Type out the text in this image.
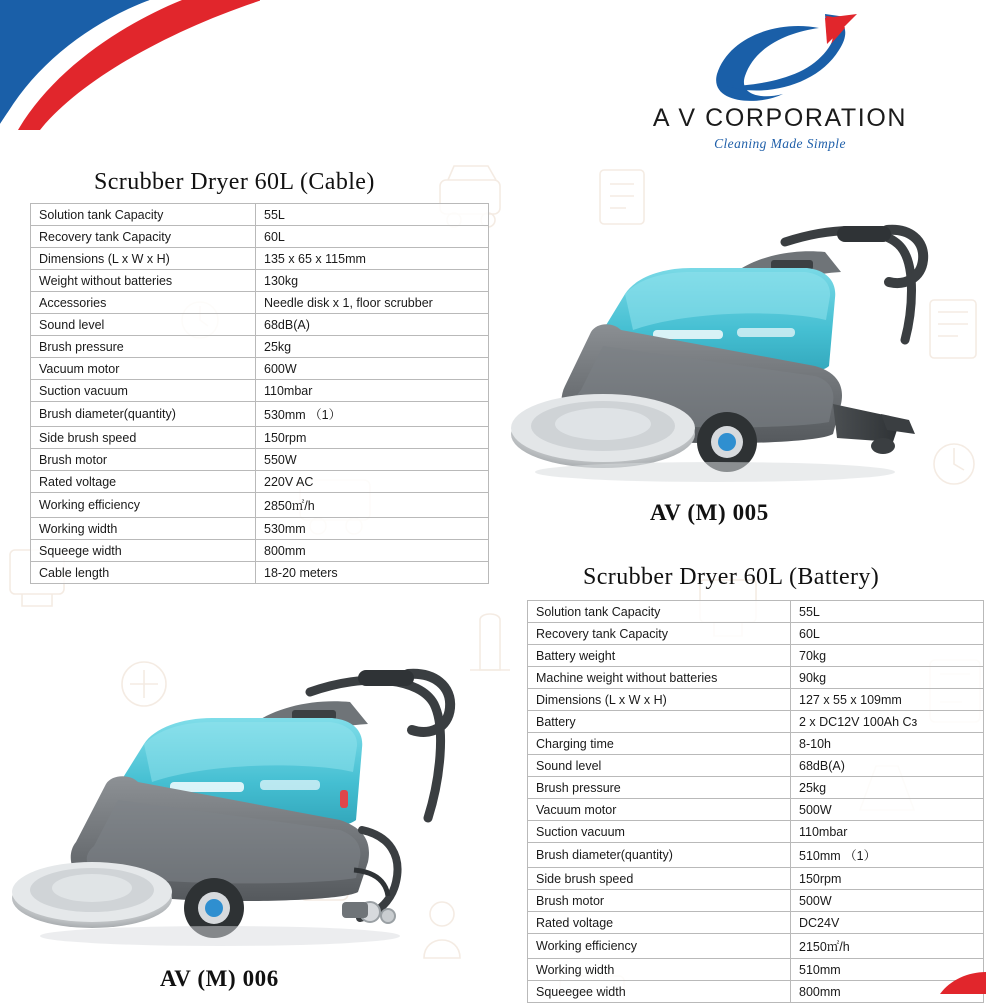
A V CORPORATION
Cleaning Made Simple
Scrubber Dryer 60L (Cable)
Solution tank Capacity	55L
Recovery tank Capacity	60L
Dimensions (L x W x H)	135 x 65 x 115mm
Weight without batteries	130kg
Accessories	Needle disk x 1, floor scrubber
Sound level	68dB(A)
Brush pressure	25kg
Vacuum motor	600W
Suction vacuum	110mbar
Brush diameter(quantity)	530mm （1）
Side brush speed	150rpm
Brush motor	550W
Rated voltage	220V AC
Working efficiency	2850㎡/h
Working width	530mm
Squeege width	800mm
Cable length	18-20 meters
AV (M) 005
Scrubber Dryer 60L (Battery)
Solution tank Capacity	55L
Recovery tank Capacity	60L
Battery weight	70kg
Machine weight without batteries	90kg
Dimensions (L x W x H)	127 x 55 x 109mm
Battery	2 x DC12V 100Ah Cз
Charging time	8-10h
Sound level	68dB(A)
Brush pressure	25kg
Vacuum motor	500W
Suction vacuum	110mbar
Brush diameter(quantity)	510mm （1）
Side brush speed	150rpm
Brush motor	500W
Rated voltage	DC24V
Working efficiency	2150㎡/h
Working width	510mm
Squeegee width	800mm
AV (M) 006
